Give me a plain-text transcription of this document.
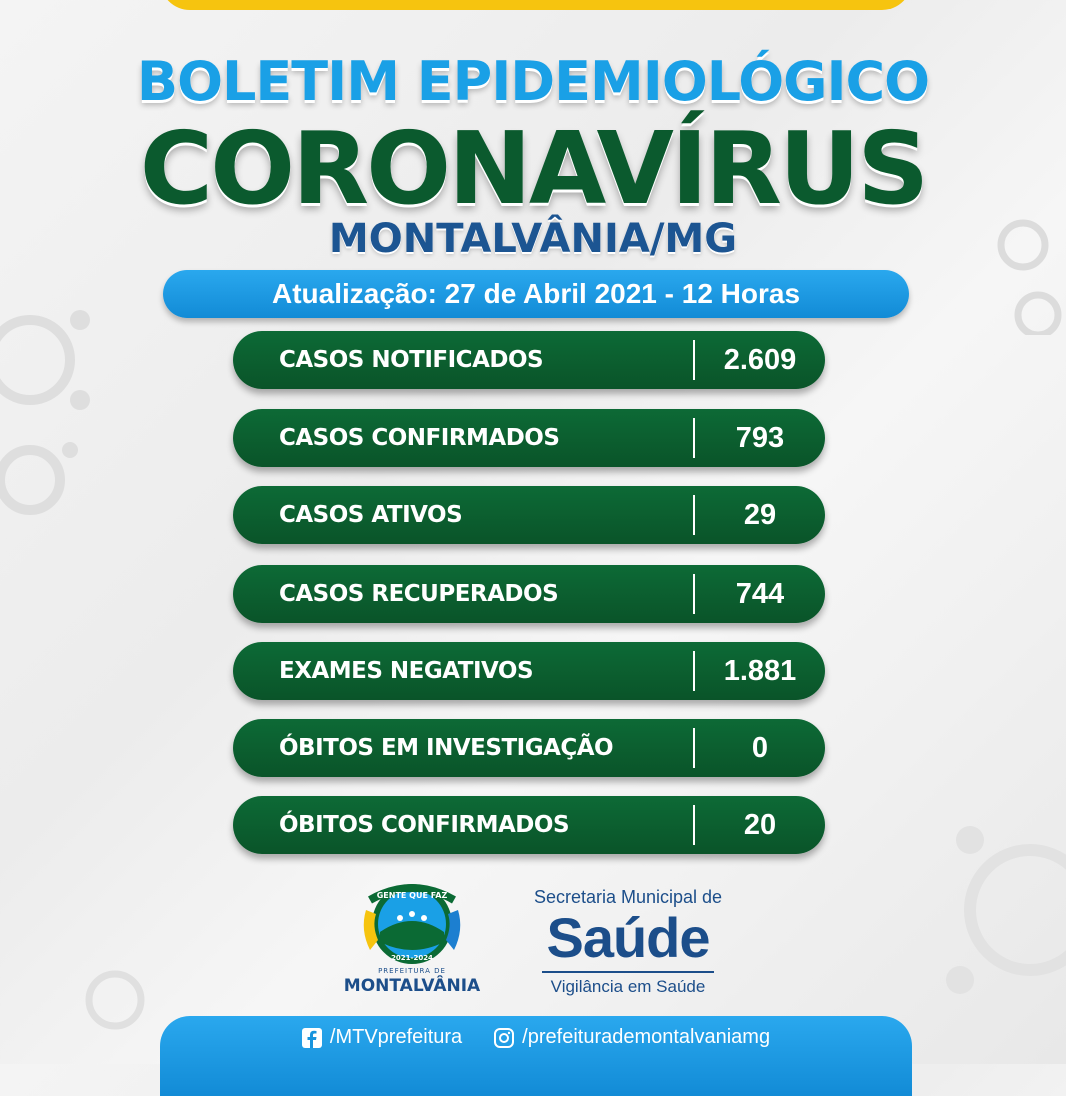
BOLETIM EPIDEMIOLÓGICO
CORONAVÍRUS
MONTALVÂNIA/MG
Atualização: 27 de Abril 2021 - 12 Horas
CASOS NOTIFICADOS	2.609
CASOS CONFIRMADOS	793
CASOS ATIVOS	29
CASOS RECUPERADOS	744
EXAMES NEGATIVOS	1.881
ÓBITOS EM INVESTIGAÇÃO	0
ÓBITOS CONFIRMADOS	20
GENTE QUE FAZ
2021-2024
PREFEITURA DE
MONTALVÂNIA
Secretaria Municipal de
Saúde
Vigilância em Saúde
/MTVprefeitura	/prefeiturademontalvaniamg
